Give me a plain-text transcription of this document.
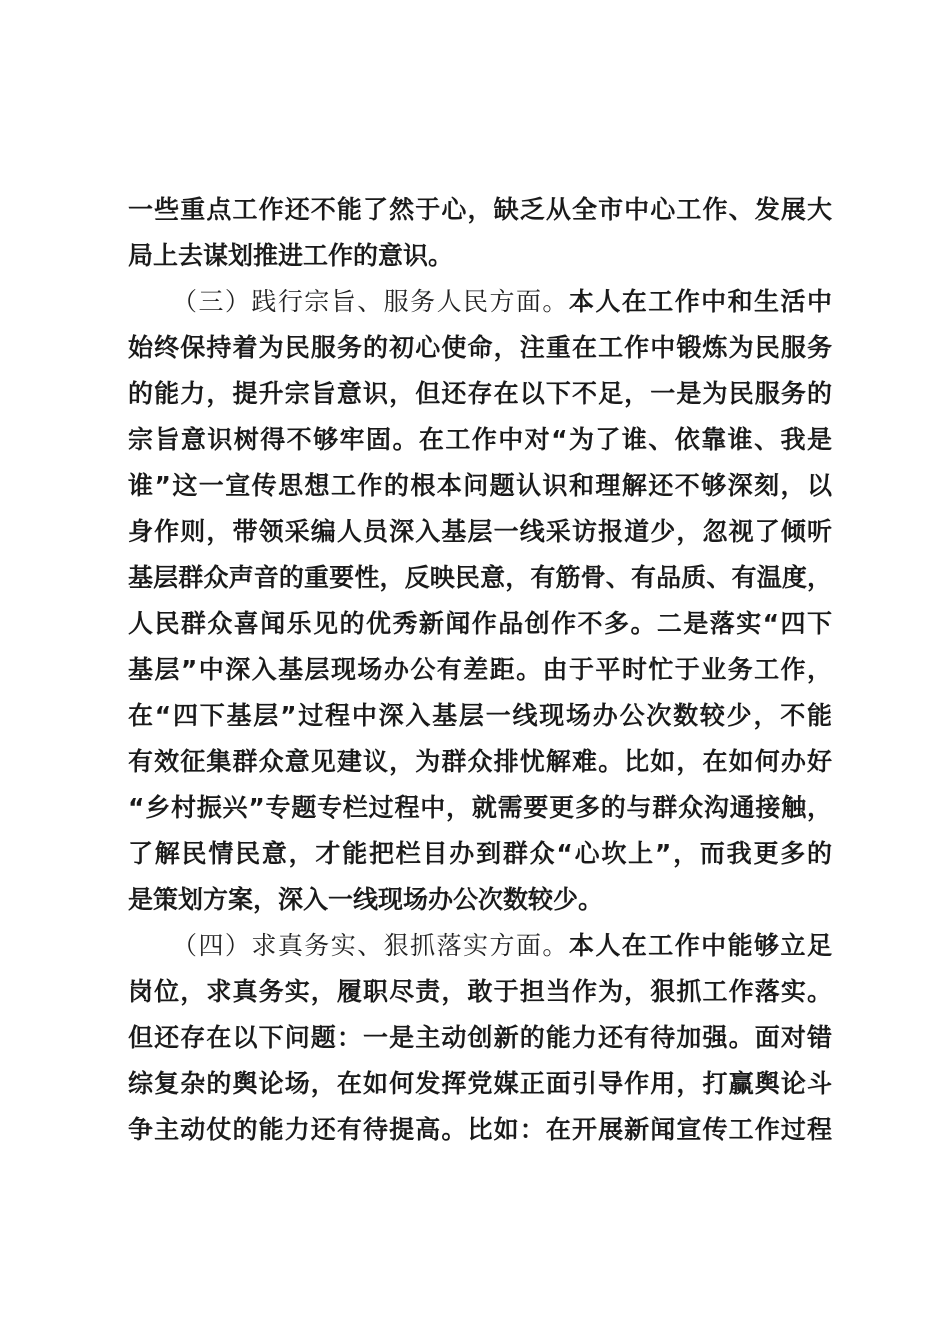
一些重点工作还不能了然于心，缺乏从全市中心工作、发展大
局上去谋划推进工作的意识。
（三）践行宗旨、服务人民方面。本人在工作中和生活中
始终保持着为民服务的初心使命，注重在工作中锻炼为民服务
的能力，提升宗旨意识，但还存在以下不足，一是为民服务的
宗旨意识树得不够牢固。在工作中对“为了谁、依靠谁、我是
谁”这一宣传思想工作的根本问题认识和理解还不够深刻，以
身作则，带领采编人员深入基层一线采访报道少，忽视了倾听
基层群众声音的重要性，反映民意，有筋骨、有品质、有温度，
人民群众喜闻乐见的优秀新闻作品创作不多。二是落实“四下
基层”中深入基层现场办公有差距。由于平时忙于业务工作，
在“四下基层”过程中深入基层一线现场办公次数较少，不能
有效征集群众意见建议，为群众排忧解难。比如，在如何办好
“乡村振兴”专题专栏过程中，就需要更多的与群众沟通接触，
了解民情民意，才能把栏目办到群众“心坎上”，而我更多的
是策划方案，深入一线现场办公次数较少。
（四）求真务实、狠抓落实方面。本人在工作中能够立足
岗位，求真务实，履职尽责，敢于担当作为，狠抓工作落实。
但还存在以下问题：一是主动创新的能力还有待加强。面对错
综复杂的舆论场，在如何发挥党媒正面引导作用，打赢舆论斗
争主动仗的能力还有待提高。比如：在开展新闻宣传工作过程
